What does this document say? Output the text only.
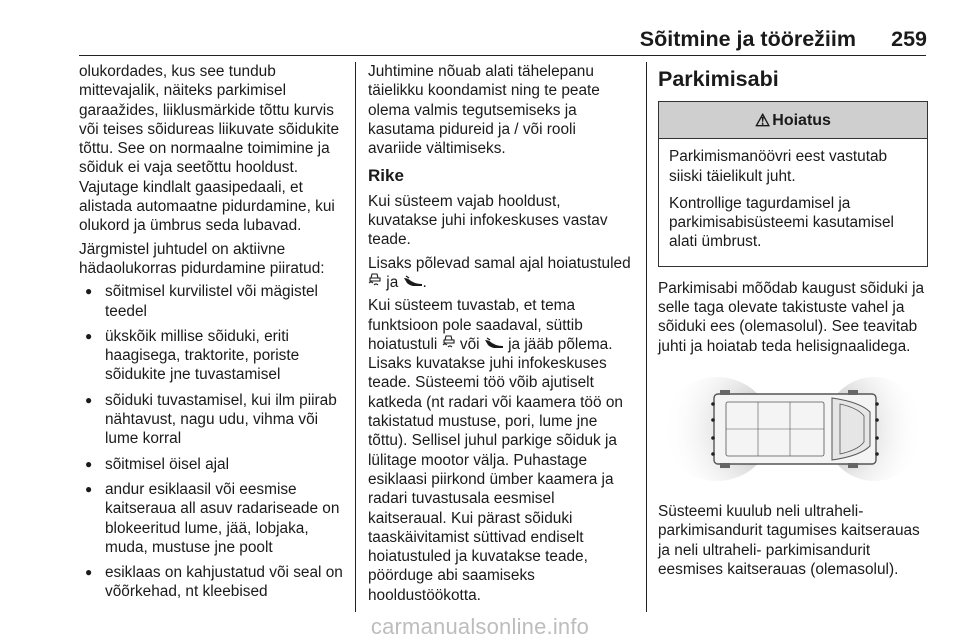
Sõitmine ja töörežiim 259

olukordades, kus see tundub mittevajalik, näiteks parkimisel garaažides, liiklusmärkide tõttu kurvis või teises sõidureas liikuvate sõidukite tõttu. See on normaalne toimimine ja sõiduk ei vaja seetõttu hooldust. Vajutage kindlalt gaasipedaali, et alistada automaatne pidurdamine, kui olukord ja ümbrus seda lubavad.

Järgmistel juhtudel on aktiivne hädaolukorras pidurdamine piiratud:

● sõitmisel kurvilistel või mägistel teedel
● ükskõik millise sõiduki, eriti haagisega, traktorite, poriste sõidukite jne tuvastamisel
● sõiduki tuvastamisel, kui ilm piirab nähtavust, nagu udu, vihma või lume korral
● sõitmisel öisel ajal
● andur esiklaasil või eesmise kaitseraua all asuv radariseade on blokeeritud lume, jää, lobjaka, muda, mustuse jne poolt
● esiklaas on kahjustatud või seal on võõrkehad, nt kleebised

Juhtimine nõuab alati tähelepanu täielikku koondamist ning te peate olema valmis tegutsemiseks ja kasutama pidureid ja / või rooli avariide vältimiseks.

Rike

Kui süsteem vajab hooldust, kuvatakse juhi infokeskuses vastav teade.

Lisaks põlevad samal ajal hoiatustuled  ja .

Kui süsteem tuvastab, et tema funktsioon pole saadaval, süttib hoiatustuli või ja jääb põlema. Lisaks kuvatakse juhi infokeskuses teade. Süsteemi töö võib ajutiselt katkeda (nt radari või kaamera töö on takistatud mustuse, pori, lume jne tõttu). Sellisel juhul parkige sõiduk ja lülitage mootor välja. Puhastage esiklaasi piirkond ümber kaamera ja radari tuvastusala eesmisel kaitseraual. Kui pärast sõiduki taaskäivitamist süttivad endiselt hoiatustuled ja kuvatakse teade, pöörduge abi saamiseks hooldustöökotta.

Parkimisabi
⚠ Hoiatus

Parkimismanöövri eest vastutab siiski täielikult juht.

Kontrollige tagurdamisel ja parkimisabisüsteemi kasutamisel alati ümbrust.

Parkimisabi mõõdab kaugust sõiduki ja selle taga olevate takistuste vahel ja sõiduki ees (olemasolul). See teavitab juhti ja hoiatab teda helisignaalidega.

Süsteemi kuulub neli ultraheli- parkimisandurit tagumises kaitserauas ja neli ultraheli- parkimisandurit eesmises kaitserauas (olemasolul).

carmanualsonline.info
